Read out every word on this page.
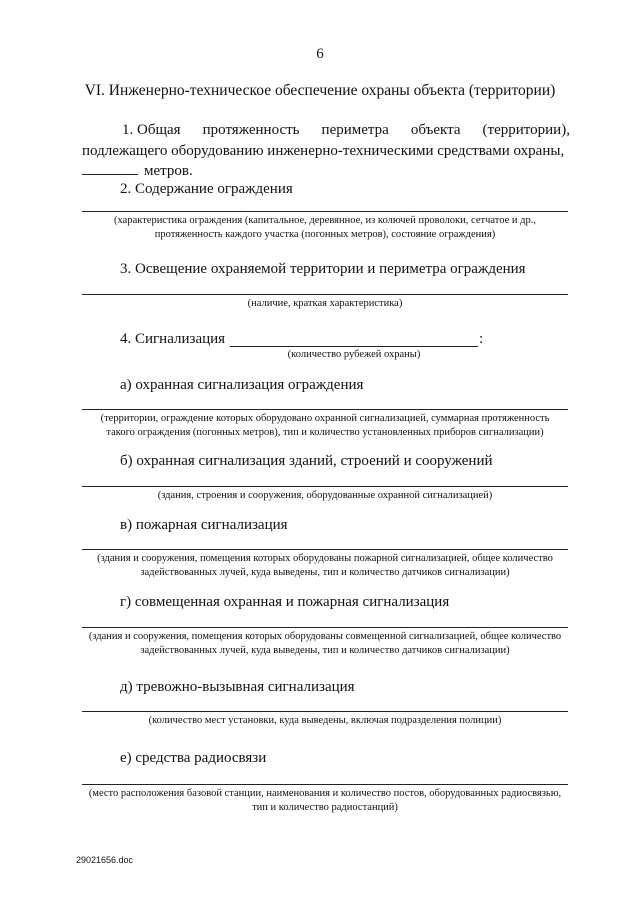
6
VI. Инженерно-техническое обеспечение охраны объекта (территории)
1. Общая протяженность периметра объекта (территории),
подлежащего оборудованию инженерно-техническими средствами охраны,
метров.
2. Содержание ограждения
(характеристика ограждения (капитальное, деревянное, из колючей проволоки, сетчатое и др.,
протяженность каждого участка (погонных метров), состояние ограждения)
3. Освещение охраняемой территории и периметра ограждения
(наличие, краткая характеристика)
4. Сигнализация	:
(количество рубежей охраны)
а) охранная сигнализация ограждения
(территории, ограждение которых оборудовано охранной сигнализацией, суммарная протяженность
такого ограждения (погонных метров), тип и количество установленных приборов сигнализации)
б) охранная сигнализация зданий, строений и сооружений
(здания, строения и сооружения, оборудованные охранной сигнализацией)
в) пожарная сигнализация
(здания и сооружения, помещения которых оборудованы пожарной сигнализацией, общее количество
задействованных лучей, куда выведены, тип и количество датчиков сигнализации)
г) совмещенная охранная и пожарная сигнализация
(здания и сооружения, помещения которых оборудованы совмещенной сигнализацией, общее количество
задействованных лучей, куда выведены, тип и количество датчиков сигнализации)
д) тревожно-вызывная сигнализация
(количество мест установки, куда выведены, включая подразделения полиции)
е) средства радиосвязи
(место расположения базовой станции, наименования и количество постов, оборудованных радиосвязью,
тип и количество радиостанций)
29021656.doc
